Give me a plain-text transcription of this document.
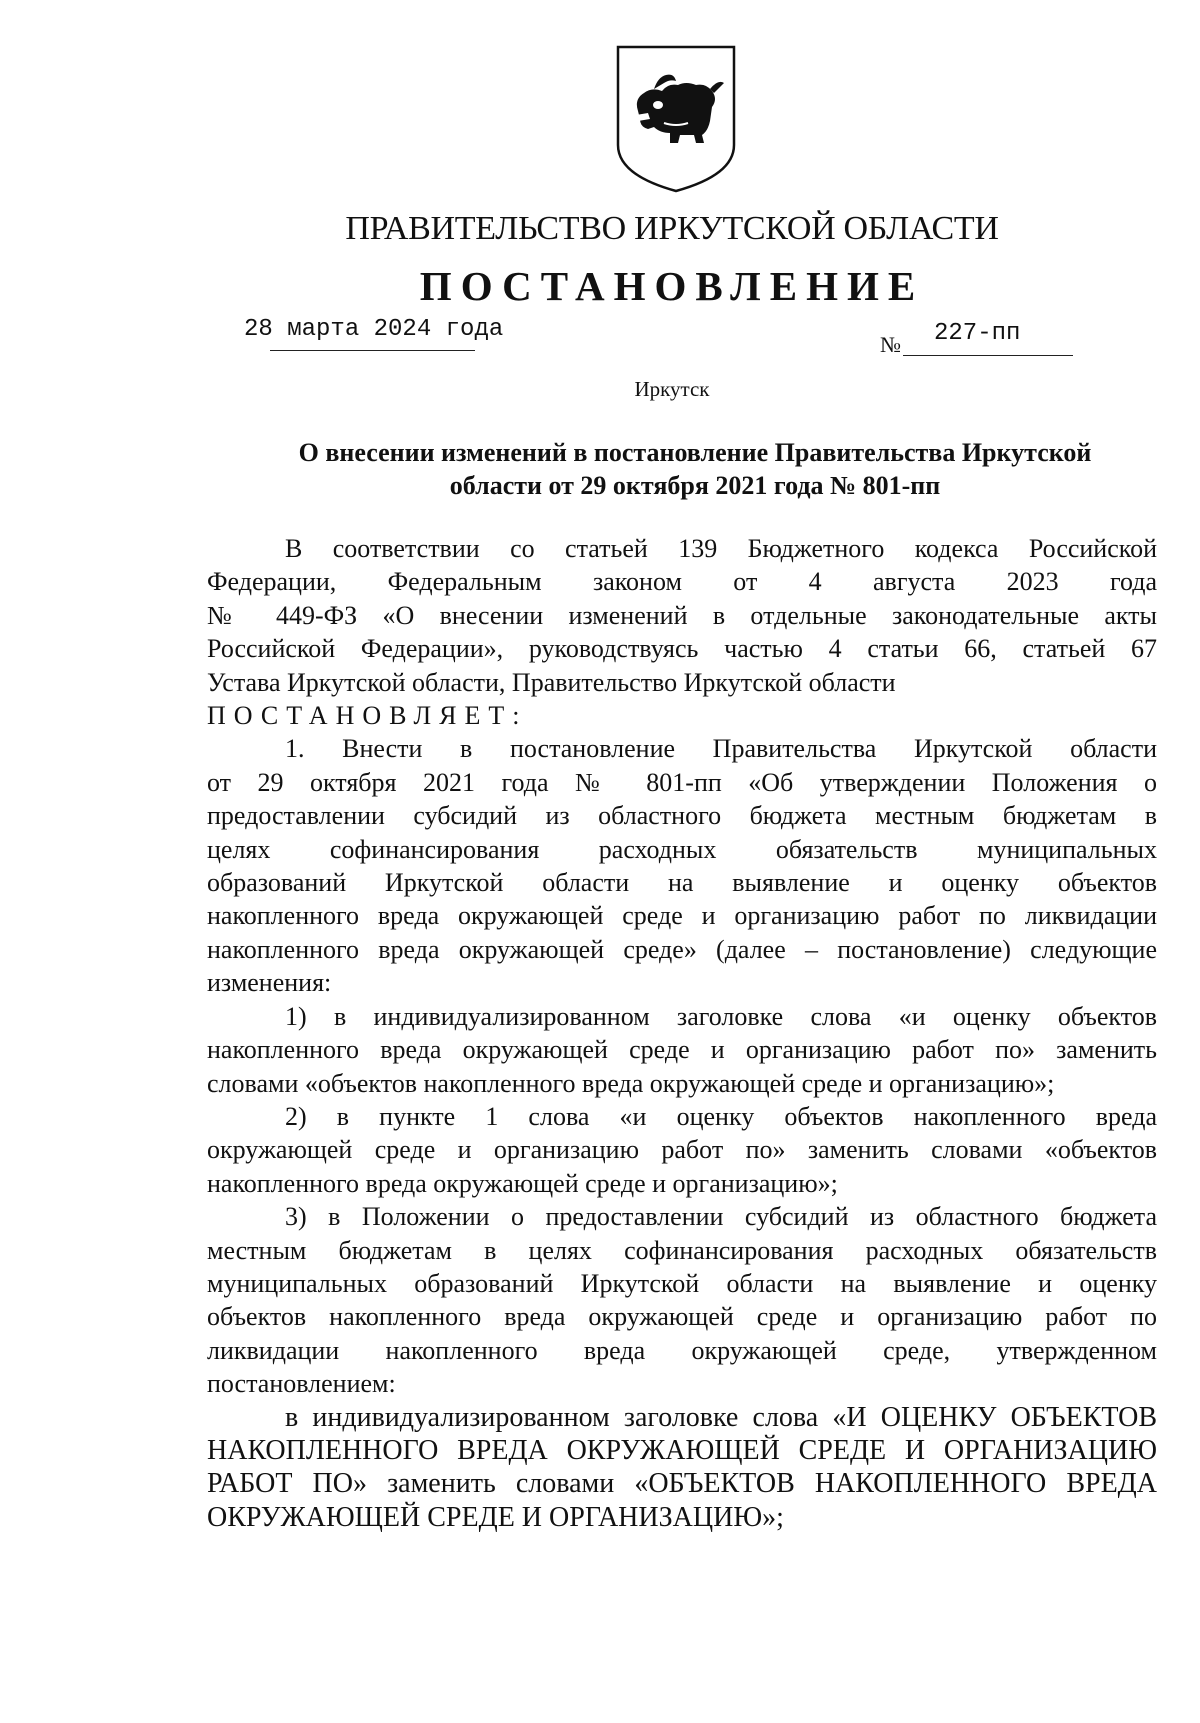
ПРАВИТЕЛЬСТВО ИРКУТСКОЙ ОБЛАСТИ
ПОСТАНОВЛЕНИЕ
28 марта 2024 года
№ 227-пп
Иркутск
О внесении изменений в постановление Правительства Иркутской
области от 29 октября 2021 года № 801-пп

В соответствии со статьей 139 Бюджетного кодекса Российской

Федерации, Федеральным законом от 4 августа 2023 года

№ 449-ФЗ «О внесении изменений в отдельные законодательные акты

Российской Федерации», руководствуясь частью 4 статьи 66, статьей 67

Устава Иркутской области, Правительство Иркутской области

ПОСТАНОВЛЯЕТ:

1. Внести в постановление Правительства Иркутской области

от 29 октября 2021 года № 801-пп «Об утверждении Положения о

предоставлении субсидий из областного бюджета местным бюджетам в

целях софинансирования расходных обязательств муниципальных

образований Иркутской области на выявление и оценку объектов

накопленного вреда окружающей среде и организацию работ по ликвидации

накопленного вреда окружающей среде» (далее – постановление) следующие

изменения:

1) в индивидуализированном заголовке слова «и оценку объектов

накопленного вреда окружающей среде и организацию работ по» заменить

словами «объектов накопленного вреда окружающей среде и организацию»;

2) в пункте 1 слова «и оценку объектов накопленного вреда

окружающей среде и организацию работ по» заменить словами «объектов

накопленного вреда окружающей среде и организацию»;

3) в Положении о предоставлении субсидий из областного бюджета

местным бюджетам в целях софинансирования расходных обязательств

муниципальных образований Иркутской области на выявление и оценку

объектов накопленного вреда окружающей среде и организацию работ по

ликвидации накопленного вреда окружающей среде, утвержденном

постановлением:

в индивидуализированном заголовке слова «И ОЦЕНКУ ОБЪЕКТОВ

НАКОПЛЕННОГО ВРЕДА ОКРУЖАЮЩЕЙ СРЕДЕ И ОРГАНИЗАЦИЮ

РАБОТ ПО» заменить словами «ОБЪЕКТОВ НАКОПЛЕННОГО ВРЕДА

ОКРУЖАЮЩЕЙ СРЕДЕ И ОРГАНИЗАЦИЮ»;
